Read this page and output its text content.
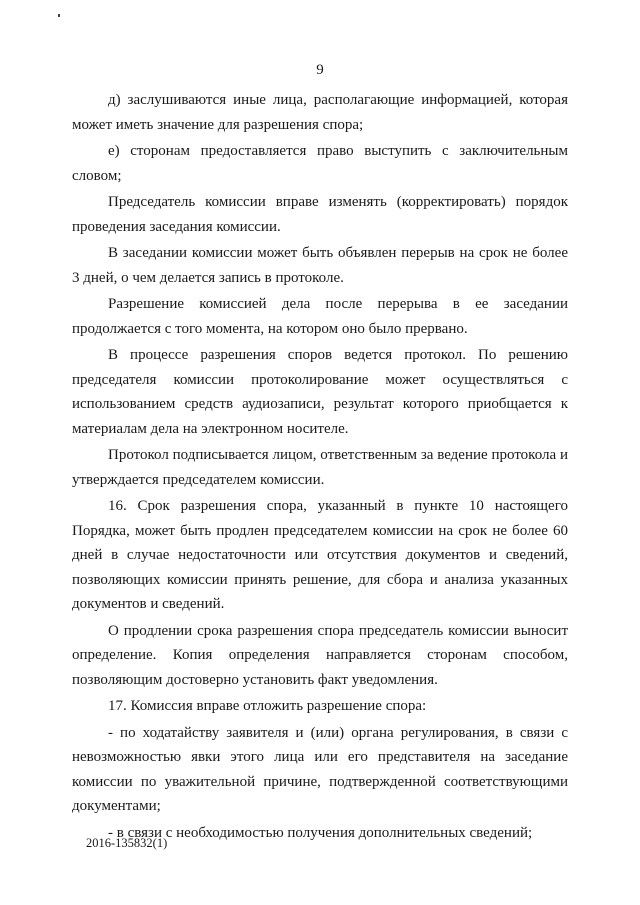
9

д) заслушиваются иные лица, располагающие информацией, которая может иметь значение для разрешения спора;

е) сторонам предоставляется право выступить с заключительным словом;

Председатель комиссии вправе изменять (корректировать) порядок проведения заседания комиссии.

В заседании комиссии может быть объявлен перерыв на срок не более 3 дней, о чем делается запись в протоколе.

Разрешение комиссией дела после перерыва в ее заседании продолжается с того момента, на котором оно было прервано.

В процессе разрешения споров ведется протокол. По решению председателя комиссии протоколирование может осуществляться с использованием средств аудиозаписи, результат которого приобщается к материалам дела на электронном носителе.

Протокол подписывается лицом, ответственным за ведение протокола и утверждается председателем комиссии.

16. Срок разрешения спора, указанный в пункте 10 настоящего Порядка, может быть продлен председателем комиссии на срок не более 60 дней в случае недостаточности или отсутствия документов и сведений, позволяющих комиссии принять решение, для сбора и анализа указанных документов и сведений.

О продлении срока разрешения спора председатель комиссии выносит определение. Копия определения направляется сторонам способом, позволяющим достоверно установить факт уведомления.

17. Комиссия вправе отложить разрешение спора:

- по ходатайству заявителя и (или) органа регулирования, в связи с невозможностью явки этого лица или его представителя на заседание комиссии по уважительной причине, подтвержденной соответствующими документами;

- в связи с необходимостью получения дополнительных сведений;

2016-135832(1)
